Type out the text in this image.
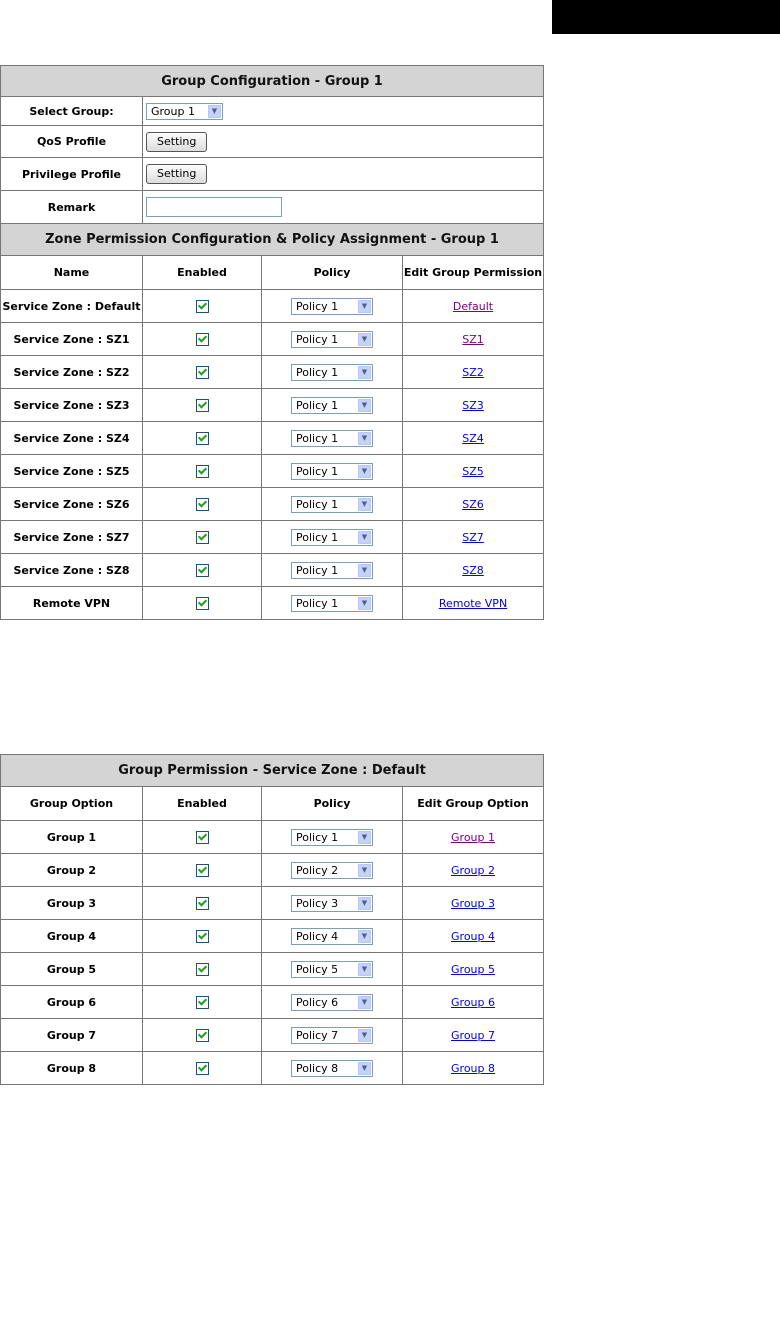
Group Configuration - Group 1			
Select Group:	Group 1 ▼		

QoS Profile	Setting		
Privilege Profile	Setting		
Remark			
Zone Permission Configuration & Policy Assignment - Group 1			
Name	Enabled	Policy	Edit Group Permission
Service Zone : Default		Policy 1 ▼	Default
Service Zone : SZ1		Policy 1 ▼	SZ1
Service Zone : SZ2		Policy 1 ▼	SZ2
Service Zone : SZ3		Policy 1 ▼	SZ3
Service Zone : SZ4		Policy 1 ▼	SZ4
Service Zone : SZ5		Policy 1 ▼	SZ5
Service Zone : SZ6		Policy 1 ▼	SZ6
Service Zone : SZ7		Policy 1 ▼	SZ7
Service Zone : SZ8		Policy 1 ▼	SZ8
Remote VPN		Policy 1 ▼	Remote VPN
Group Permission - Service Zone : Default			
Group Option	Enabled	Policy	Edit Group Option
Group 1		Policy 1 ▼	Group 1
Group 2		Policy 2 ▼	Group 2
Group 3		Policy 3 ▼	Group 3
Group 4		Policy 4 ▼	Group 4
Group 5		Policy 5 ▼	Group 5
Group 6		Policy 6 ▼	Group 6
Group 7		Policy 7 ▼	Group 7
Group 8		Policy 8 ▼	Group 8
